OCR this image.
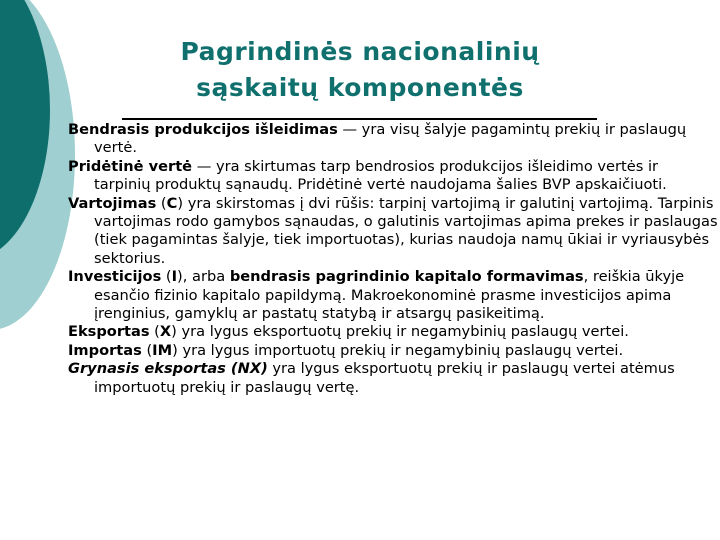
Pagrindinės nacionalinių
sąskaitų komponentės

Bendrasis produkcijos išleidimas — yra visų šalyje pagamintų prekių ir paslaugų vertė.

Pridėtinė vertė — yra skirtumas tarp bendrosios produkcijos išleidimo vertės ir tarpinių produktų sąnaudų. Pridėtinė vertė naudojama šalies BVP apskaičiuoti.

Vartojimas (C) yra skirstomas į dvi rūšis: tarpinį vartojimą ir galutinį vartojimą. Tarpinis vartojimas rodo gamybos sąnaudas, o galutinis vartojimas apima prekes ir paslaugas (tiek pagamintas šalyje, tiek importuotas), kurias naudoja namų ūkiai ir vyriausybės sektorius.

Investicijos (I), arba bendrasis pagrindinio kapitalo formavimas, reiškia ūkyje esančio fizinio kapitalo papildymą. Makroekonominė prasme investicijos apima įrenginius, gamyklų ar pastatų statybą ir atsargų pasikeitimą.

Eksportas (X) yra lygus eksportuotų prekių ir negamybinių paslaugų vertei.

Importas (IM) yra lygus importuotų prekių ir negamybinių paslaugų vertei.

Grynasis eksportas (NX) yra lygus eksportuotų prekių ir paslaugų vertei atėmus importuotų prekių ir paslaugų vertę.
